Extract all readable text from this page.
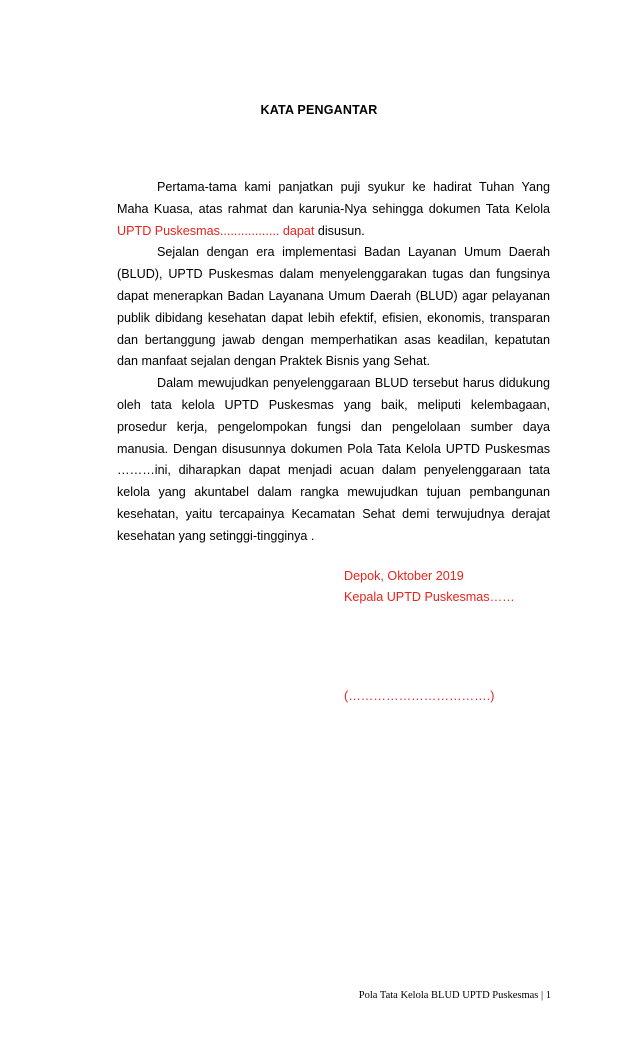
KATA PENGANTAR

Pertama-tama kami panjatkan puji syukur ke hadirat Tuhan Yang Maha Kuasa, atas rahmat dan karunia-Nya sehingga dokumen Tata Kelola UPTD Puskesmas................. dapat disusun.

Sejalan dengan era implementasi Badan Layanan Umum Daerah (BLUD), UPTD Puskesmas dalam menyelenggarakan tugas dan fungsinya dapat menerapkan Badan Layanana Umum Daerah (BLUD) agar pelayanan publik dibidang kesehatan dapat lebih efektif, efisien, ekonomis, transparan dan bertanggung jawab dengan memperhatikan asas keadilan, kepatutan dan manfaat sejalan dengan Praktek Bisnis yang Sehat.

Dalam mewujudkan penyelenggaraan BLUD tersebut harus didukung oleh tata kelola UPTD Puskesmas yang baik, meliputi kelembagaan, prosedur kerja, pengelompokan fungsi dan pengelolaan sumber daya manusia. Dengan disusunnya dokumen Pola Tata Kelola UPTD Puskesmas ………ini, diharapkan dapat menjadi acuan dalam penyelenggaraan tata kelola yang akuntabel dalam rangka mewujudkan tujuan pembangunan kesehatan, yaitu tercapainya Kecamatan Sehat demi terwujudnya derajat kesehatan yang setinggi-tingginya .

Depok, Oktober 2019
Kepala UPTD Puskesmas……
(…………………………….)
Pola Tata Kelola BLUD UPTD Puskesmas | 1
